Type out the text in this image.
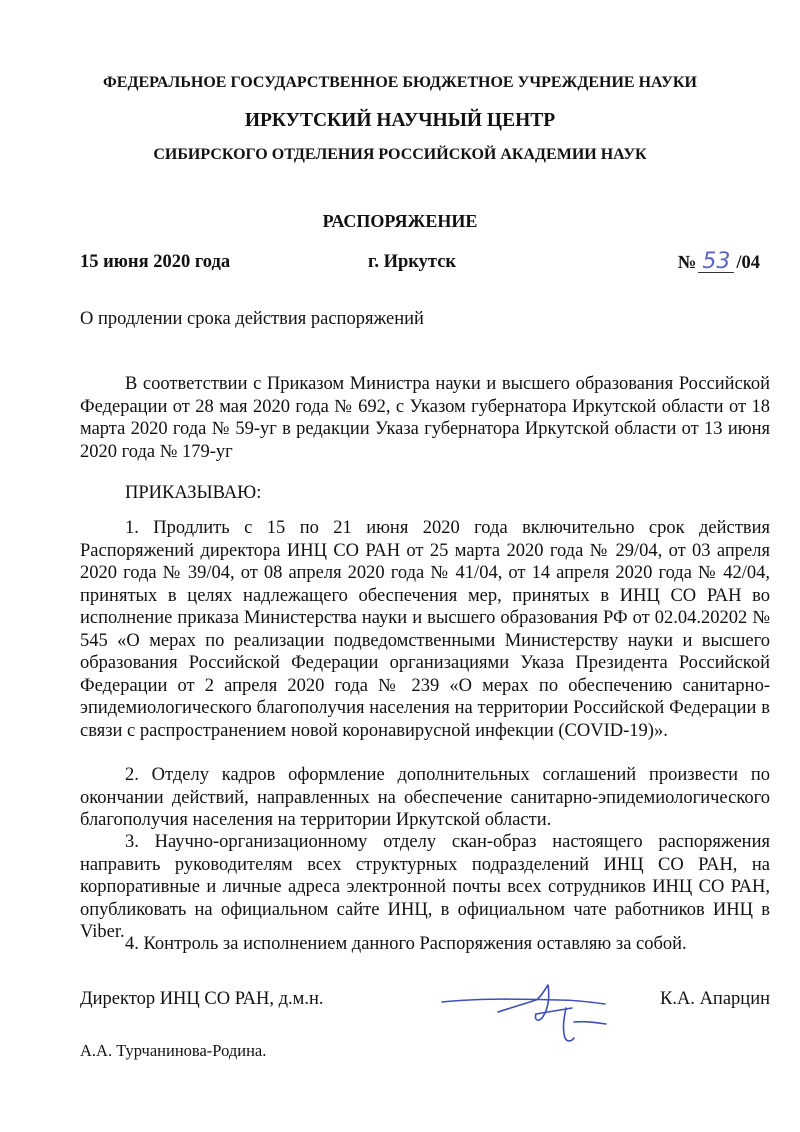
ФЕДЕРАЛЬНОЕ ГОСУДАРСТВЕННОЕ БЮДЖЕТНОЕ УЧРЕЖДЕНИЕ НАУКИ
ИРКУТСКИЙ НАУЧНЫЙ ЦЕНТР
СИБИРСКОГО ОТДЕЛЕНИЯ РОССИЙСКОЙ АКАДЕМИИ НАУК
РАСПОРЯЖЕНИЕ
15 июня 2020 года	г. Иркутск	№ 53 /04
О продлении срока действия распоряжений
В соответствии с Приказом Министра науки и высшего образования Российской Федерации от 28 мая 2020 года № 692, с Указом губернатора Иркутской области от 18 марта 2020 года № 59-уг в редакции Указа губернатора Иркутской области от 13 июня 2020 года № 179-уг
ПРИКАЗЫВАЮ:
1. Продлить с 15 по 21 июня 2020 года включительно срок действия Распоряжений директора ИНЦ СО РАН от 25 марта 2020 года № 29/04, от 03 апреля 2020 года № 39/04, от 08 апреля 2020 года № 41/04, от 14 апреля 2020 года № 42/04, принятых в целях надлежащего обеспечения мер, принятых в ИНЦ СО РАН во исполнение приказа Министерства науки и высшего образования РФ от 02.04.20202 № 545 «О мерах по реализации подведомственными Министерству науки и высшего образования Российской Федерации организациями Указа Президента Российской Федерации от 2 апреля 2020 года № 239 «О мерах по обеспечению санитарно-эпидемиологического благополучия населения на территории Российской Федерации в связи с распространением новой коронавирусной инфекции (COVID-19)».
2. Отделу кадров оформление дополнительных соглашений произвести по окончании действий, направленных на обеспечение санитарно-эпидемиологического благополучия населения на территории Иркутской области.
3. Научно-организационному отделу скан-образ настоящего распоряжения направить руководителям всех структурных подразделений ИНЦ СО РАН, на корпоративные и личные адреса электронной почты всех сотрудников ИНЦ СО РАН, опубликовать на официальном сайте ИНЦ, в официальном чате работников ИНЦ в Viber.
4. Контроль за исполнением данного Распоряжения оставляю за собой.
Директор ИНЦ СО РАН, д.м.н.	К.А. Апарцин
А.А. Турчанинова-Родина.
